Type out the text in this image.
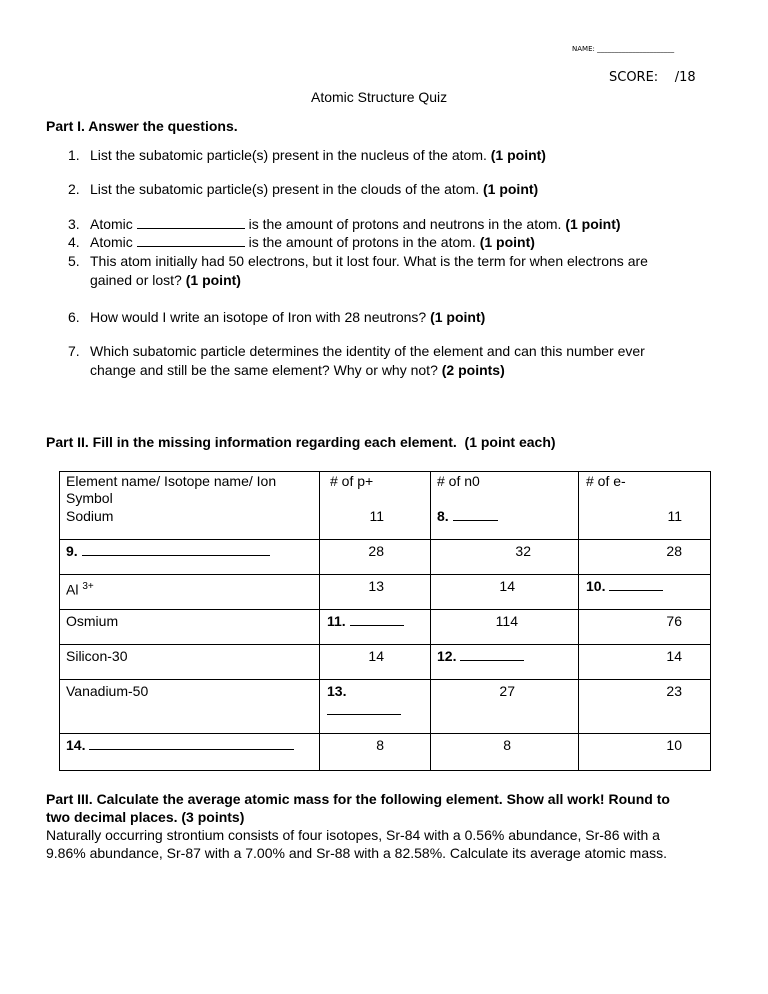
NAME: ______________________
SCORE: /18
Atomic Structure Quiz
Part I. Answer the questions.
1. List the subatomic particle(s) present in the nucleus of the atom. (1 point)
2. List the subatomic particle(s) present in the clouds of the atom. (1 point)
3. Atomic	is the amount of protons and neutrons in the atom. (1 point)
4. Atomic	is the amount of protons in the atom. (1 point)
5. This atom initially had 50 electrons, but it lost four. What is the term for when electrons are
gained or lost? (1 point)
6. How would I write an isotope of Iron with 28 neutrons? (1 point)
7. Which subatomic particle determines the identity of the element and can this number ever
change and still be the same element? Why or why not? (2 points)
Part II. Fill in the missing information regarding each element. (1 point each)
Element name/ Isotope name/ Ion Symbol
# of p+	# of n0	# of e-
Sodium	11	8.	11
9.	28	32	28
Al $^{3+}$	13	14	10.
Osmium	11.	114	76
Silicon-30	14	12.	14
Vanadium-50	13.	27	23
14.	8	8	10
Part III. Calculate the average atomic mass for the following element. Show all work! Round to
two decimal places. (3 points)
Naturally occurring strontium consists of four isotopes, Sr-84 with a 0.56% abundance, Sr-86 with a
9.86% abundance, Sr-87 with a 7.00% and Sr-88 with a 82.58%. Calculate its average atomic mass.
